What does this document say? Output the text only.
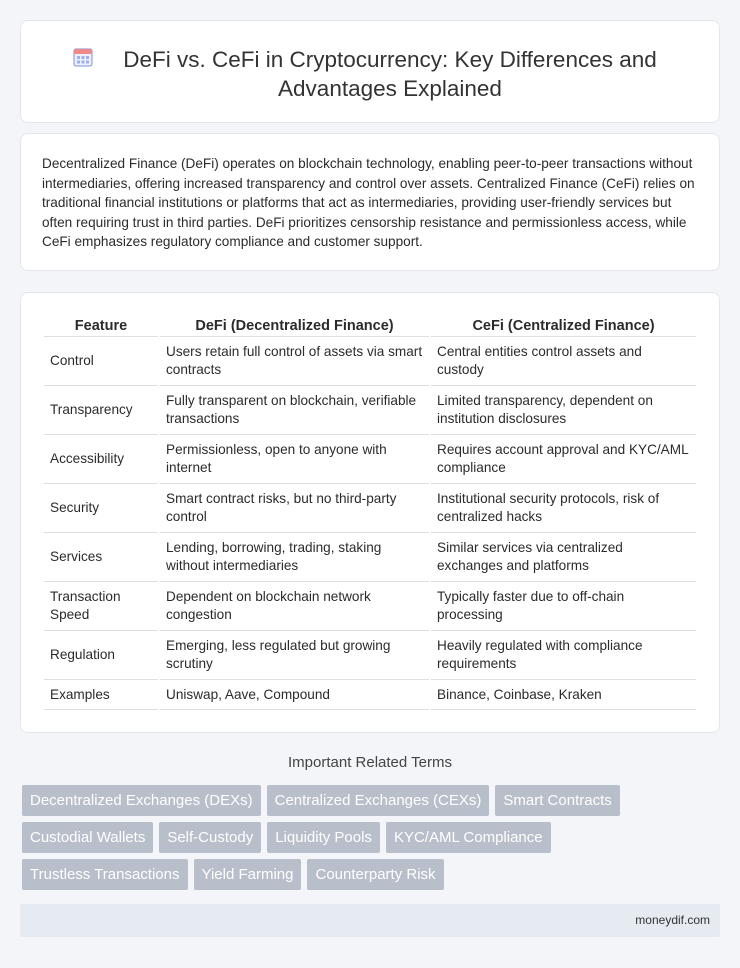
DeFi vs. CeFi in Cryptocurrency: Key Differences and Advantages Explained

Decentralized Finance (DeFi) operates on blockchain technology, enabling peer-to-peer transactions without intermediaries, offering increased transparency and control over assets. Centralized Finance (CeFi) relies on traditional financial institutions or platforms that act as intermediaries, providing user-friendly services but often requiring trust in third parties. DeFi prioritizes censorship resistance and permissionless access, while CeFi emphasizes regulatory compliance and customer support.

Feature	DeFi (Decentralized Finance)	CeFi (Centralized Finance)
Control	Users retain full control of assets via smart contracts	Central entities control assets and custody
Transparency	Fully transparent on blockchain, verifiable transactions	Limited transparency, dependent on institution disclosures
Accessibility	Permissionless, open to anyone with internet	Requires account approval and KYC/AML compliance
Security	Smart contract risks, but no third-party control	Institutional security protocols, risk of centralized hacks
Services	Lending, borrowing, trading, staking without intermediaries	Similar services via centralized exchanges and platforms
Transaction Speed	Dependent on blockchain network congestion	Typically faster due to off-chain processing
Regulation	Emerging, less regulated but growing scrutiny	Heavily regulated with compliance requirements
Examples	Uniswap, Aave, Compound	Binance, Coinbase, Kraken
Important Related Terms
Decentralized Exchanges (DEXs)	Centralized Exchanges (CEXs)	Smart Contracts
Custodial Wallets	Self-Custody	Liquidity Pools	KYC/AML Compliance
Trustless Transactions	Yield Farming	Counterparty Risk
moneydif.com
